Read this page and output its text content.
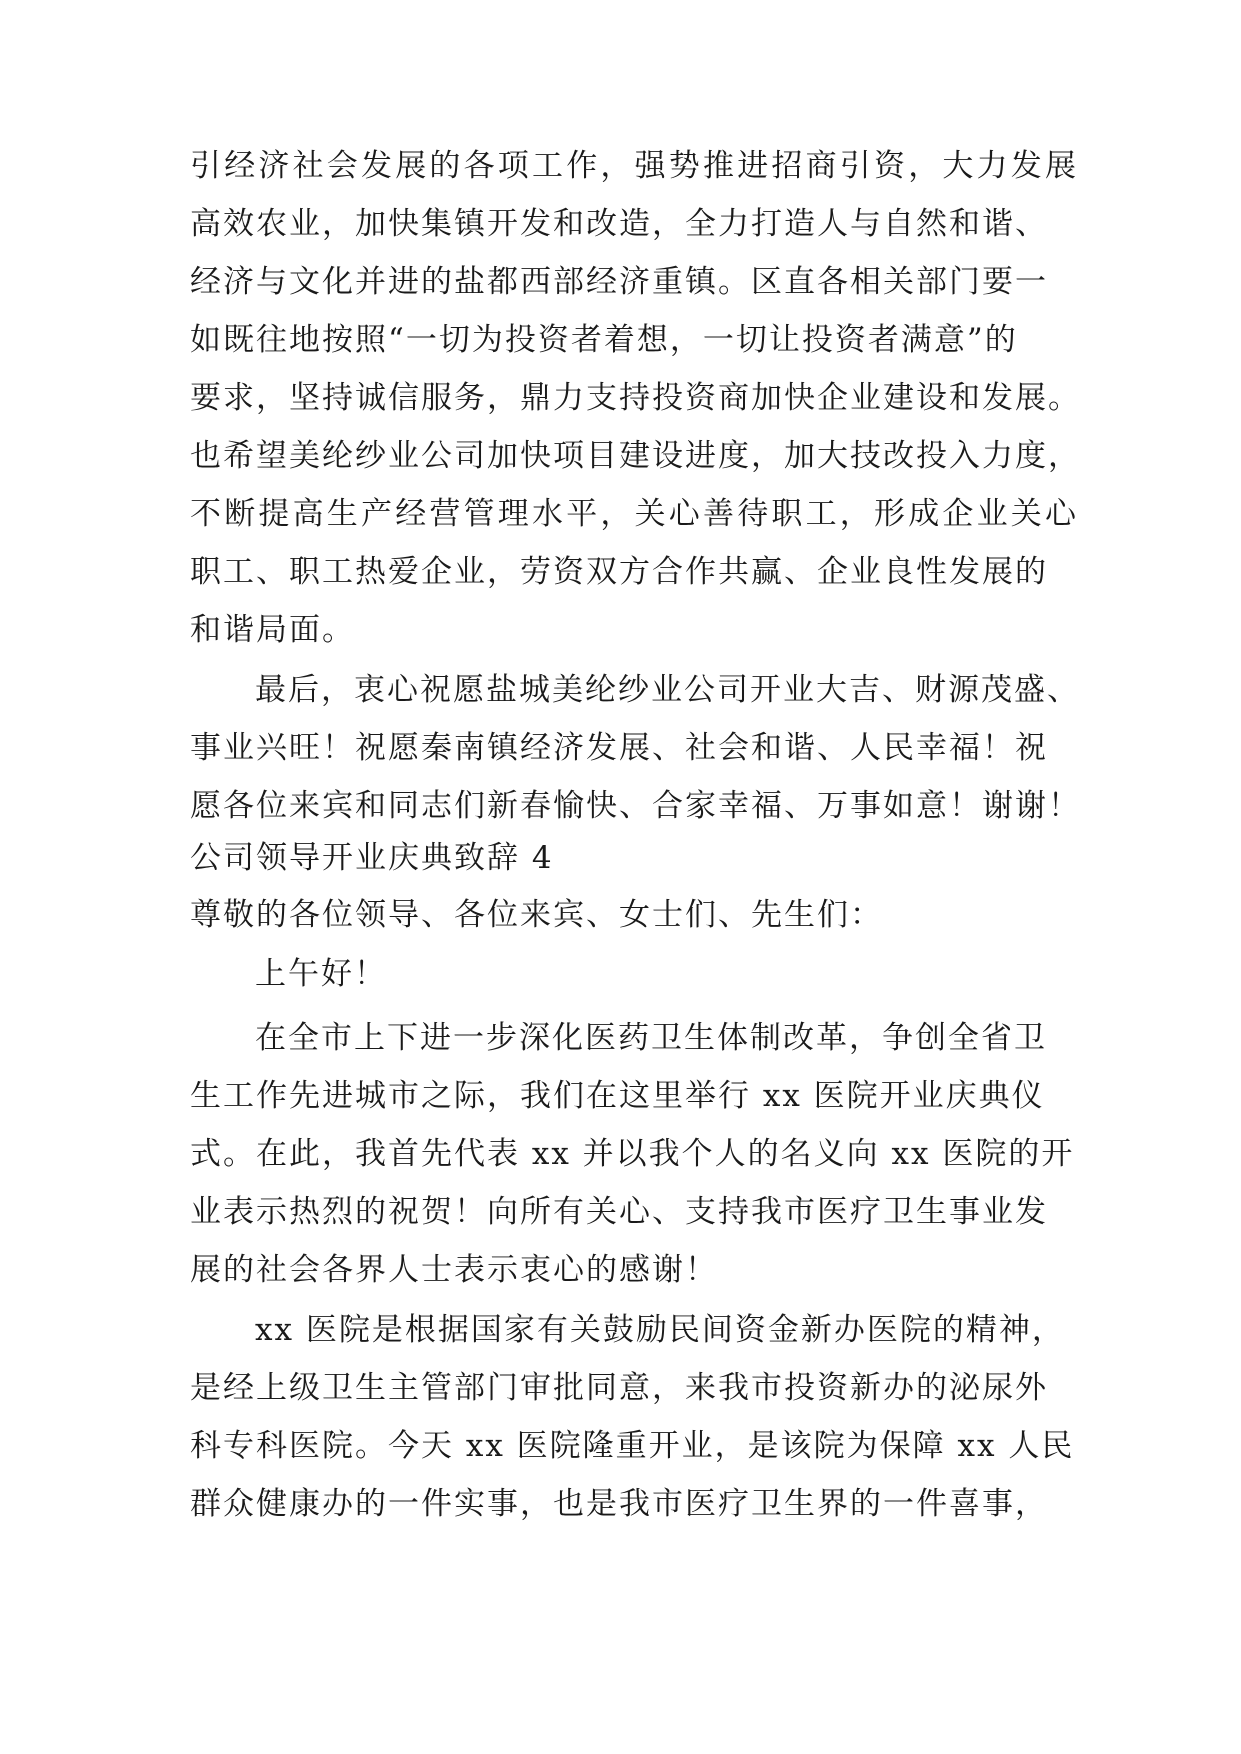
引经济社会发展的各项工作，强势推进招商引资，大力发展
高效农业，加快集镇开发和改造，全力打造人与自然和谐、
经济与文化并进的盐都西部经济重镇。区直各相关部门要一
如既往地按照“一切为投资者着想，一切让投资者满意”的
要求，坚持诚信服务，鼎力支持投资商加快企业建设和发展。
也希望美纶纱业公司加快项目建设进度，加大技改投入力度，
不断提高生产经营管理水平，关心善待职工，形成企业关心
职工、职工热爱企业，劳资双方合作共赢、企业良性发展的
和谐局面。
最后，衷心祝愿盐城美纶纱业公司开业大吉、财源茂盛、
事业兴旺！祝愿秦南镇经济发展、社会和谐、人民幸福！祝
愿各位来宾和同志们新春愉快、合家幸福、万事如意！谢谢！
公司领导开业庆典致辞 4
尊敬的各位领导、各位来宾、女士们、先生们：
上午好！
在全市上下进一步深化医药卫生体制改革，争创全省卫
生工作先进城市之际，我们在这里举行 xx 医院开业庆典仪
式。在此，我首先代表 xx 并以我个人的名义向 xx 医院的开
业表示热烈的祝贺！向所有关心、支持我市医疗卫生事业发
展的社会各界人士表示衷心的感谢！
xx 医院是根据国家有关鼓励民间资金新办医院的精神，
是经上级卫生主管部门审批同意，来我市投资新办的泌尿外
科专科医院。今天 xx 医院隆重开业，是该院为保障 xx 人民
群众健康办的一件实事，也是我市医疗卫生界的一件喜事，
